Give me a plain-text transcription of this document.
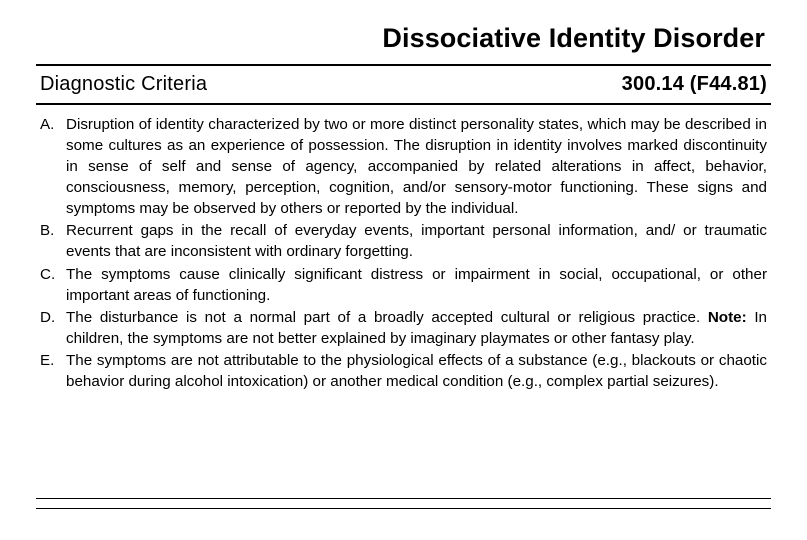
Dissociative Identity Disorder
Diagnostic Criteria	300.14 (F44.81)
A. Disruption of identity characterized by two or more distinct personality states, which may be described in some cultures as an experience of possession. The disruption in identity involves marked discontinuity in sense of self and sense of agency, accompanied by related alterations in affect, behavior, consciousness, memory, perception, cognition, and/or sensory-motor functioning. These signs and symptoms may be observed by others or reported by the individual.
B. Recurrent gaps in the recall of everyday events, important personal information, and/ or traumatic events that are inconsistent with ordinary forgetting.
C. The symptoms cause clinically significant distress or impairment in social, occupational, or other important areas of functioning.
D. The disturbance is not a normal part of a broadly accepted cultural or religious practice. Note: In children, the symptoms are not better explained by imaginary playmates or other fantasy play.
E. The symptoms are not attributable to the physiological effects of a substance (e.g., blackouts or chaotic behavior during alcohol intoxication) or another medical condition (e.g., complex partial seizures).
